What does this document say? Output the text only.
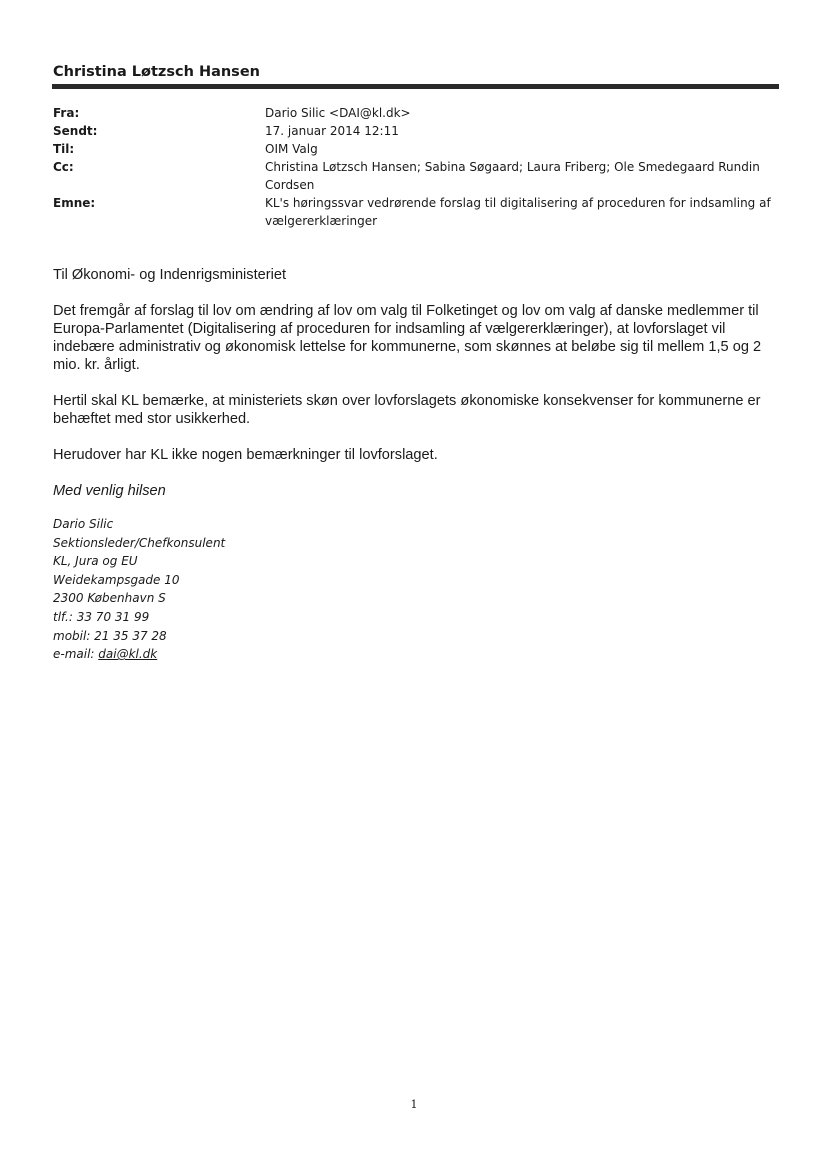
Christina Løtzsch Hansen
Fra:	Dario Silic <DAI@kl.dk>
Sendt:	17. januar 2014 12:11
Til:	OIM Valg
Cc:	Christina Løtzsch Hansen; Sabina Søgaard; Laura Friberg; Ole Smedegaard Rundin Cordsen
Emne:	KL's høringssvar vedrørende forslag til digitalisering af proceduren for indsamling af vælgererklæringer

Til Økonomi- og Indenrigsministeriet

Det fremgår af forslag til lov om ændring af lov om valg til Folketinget og lov om valg af danske medlemmer til Europa-Parlamentet (Digitalisering af proceduren for indsamling af vælgererklæringer), at lovforslaget vil indebære administrativ og økonomisk lettelse for kommunerne, som skønnes at beløbe sig til mellem 1,5 og 2 mio. kr. årligt.

Hertil skal KL bemærke, at ministeriets skøn over lovforslagets økonomiske konsekvenser for kommunerne er behæftet med stor usikkerhed.

Herudover har KL ikke nogen bemærkninger til lovforslaget.

Med venlig hilsen

Dario Silic
Sektionsleder/Chefkonsulent
KL, Jura og EU
Weidekampsgade 10
2300 København S
tlf.: 33 70 31 99
mobil: 21 35 37 28
e-mail: dai@kl.dk
1
